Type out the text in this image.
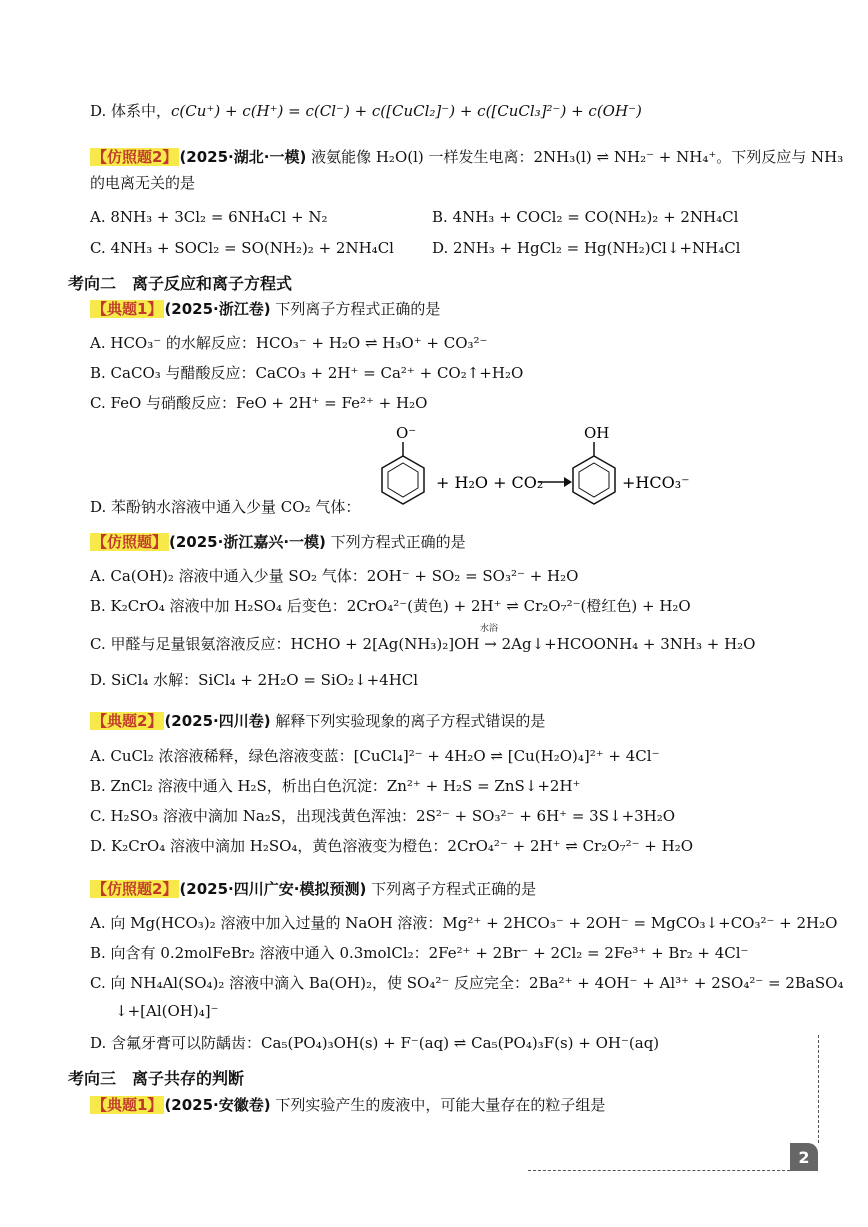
D. 体系中，c(Cu⁺) + c(H⁺) = c(Cl⁻) + c([CuCl₂]⁻) + c([CuCl₃]²⁻) + c(OH⁻)
【仿照题2】 (2025·湖北·一模) 液氨能像 H₂O(l) 一样发生电离：2NH₃(l) ⇌ NH₂⁻ + NH₄⁺。下列反应与 NH₃
的电离无关的是
A. 8NH₃ + 3Cl₂ = 6NH₄Cl + N₂	B. 4NH₃ + COCl₂ = CO(NH₂)₂ + 2NH₄Cl
C. 4NH₃ + SOCl₂ = SO(NH₂)₂ + 2NH₄Cl	D. 2NH₃ + HgCl₂ = Hg(NH₂)Cl↓+NH₄Cl
考向二　离子反应和离子方程式
【典题1】 (2025·浙江卷) 下列离子方程式正确的是
A. HCO₃⁻ 的水解反应：HCO₃⁻ + H₂O ⇌ H₃O⁺ + CO₃²⁻
B. CaCO₃ 与醋酸反应：CaCO₃ + 2H⁺ = Ca²⁺ + CO₂↑+H₂O
C. FeO 与硝酸反应：FeO + 2H⁺ = Fe²⁺ + H₂O
D. 苯酚钠水溶液中通入少量 CO₂ 气体：
O⁻
+ H₂O + CO₂
OH
+HCO₃⁻
【仿照题】 (2025·浙江嘉兴·一模) 下列方程式正确的是
A. Ca(OH)₂ 溶液中通入少量 SO₂ 气体：2OH⁻ + SO₂ = SO₃²⁻ + H₂O
B. K₂CrO₄ 溶液中加 H₂SO₄ 后变色：2CrO₄²⁻(黄色) + 2H⁺ ⇌ Cr₂O₇²⁻(橙红色) + H₂O
水浴
C. 甲醛与足量银氨溶液反应：HCHO + 2[Ag(NH₃)₂]OH → 2Ag↓+HCOONH₄ + 3NH₃ + H₂O
D. SiCl₄ 水解：SiCl₄ + 2H₂O = SiO₂↓+4HCl
【典题2】 (2025·四川卷) 解释下列实验现象的离子方程式错误的是
A. CuCl₂ 浓溶液稀释，绿色溶液变蓝：[CuCl₄]²⁻ + 4H₂O ⇌ [Cu(H₂O)₄]²⁺ + 4Cl⁻
B. ZnCl₂ 溶液中通入 H₂S，析出白色沉淀：Zn²⁺ + H₂S = ZnS↓+2H⁺
C. H₂SO₃ 溶液中滴加 Na₂S，出现浅黄色浑浊：2S²⁻ + SO₃²⁻ + 6H⁺ = 3S↓+3H₂O
D. K₂CrO₄ 溶液中滴加 H₂SO₄，黄色溶液变为橙色：2CrO₄²⁻ + 2H⁺ ⇌ Cr₂O₇²⁻ + H₂O
【仿照题2】 (2025·四川广安·模拟预测) 下列离子方程式正确的是
A. 向 Mg(HCO₃)₂ 溶液中加入过量的 NaOH 溶液：Mg²⁺ + 2HCO₃⁻ + 2OH⁻ = MgCO₃↓+CO₃²⁻ + 2H₂O
B. 向含有 0.2molFeBr₂ 溶液中通入 0.3molCl₂：2Fe²⁺ + 2Br⁻ + 2Cl₂ = 2Fe³⁺ + Br₂ + 4Cl⁻
C. 向 NH₄Al(SO₄)₂ 溶液中滴入 Ba(OH)₂，使 SO₄²⁻ 反应完全：2Ba²⁺ + 4OH⁻ + Al³⁺ + 2SO₄²⁻ = 2BaSO₄
↓+[Al(OH)₄]⁻
D. 含氟牙膏可以防龋齿：Ca₅(PO₄)₃OH(s) + F⁻(aq) ⇌ Ca₅(PO₄)₃F(s) + OH⁻(aq)
考向三　离子共存的判断
【典题1】 (2025·安徽卷) 下列实验产生的废液中，可能大量存在的粒子组是
2
